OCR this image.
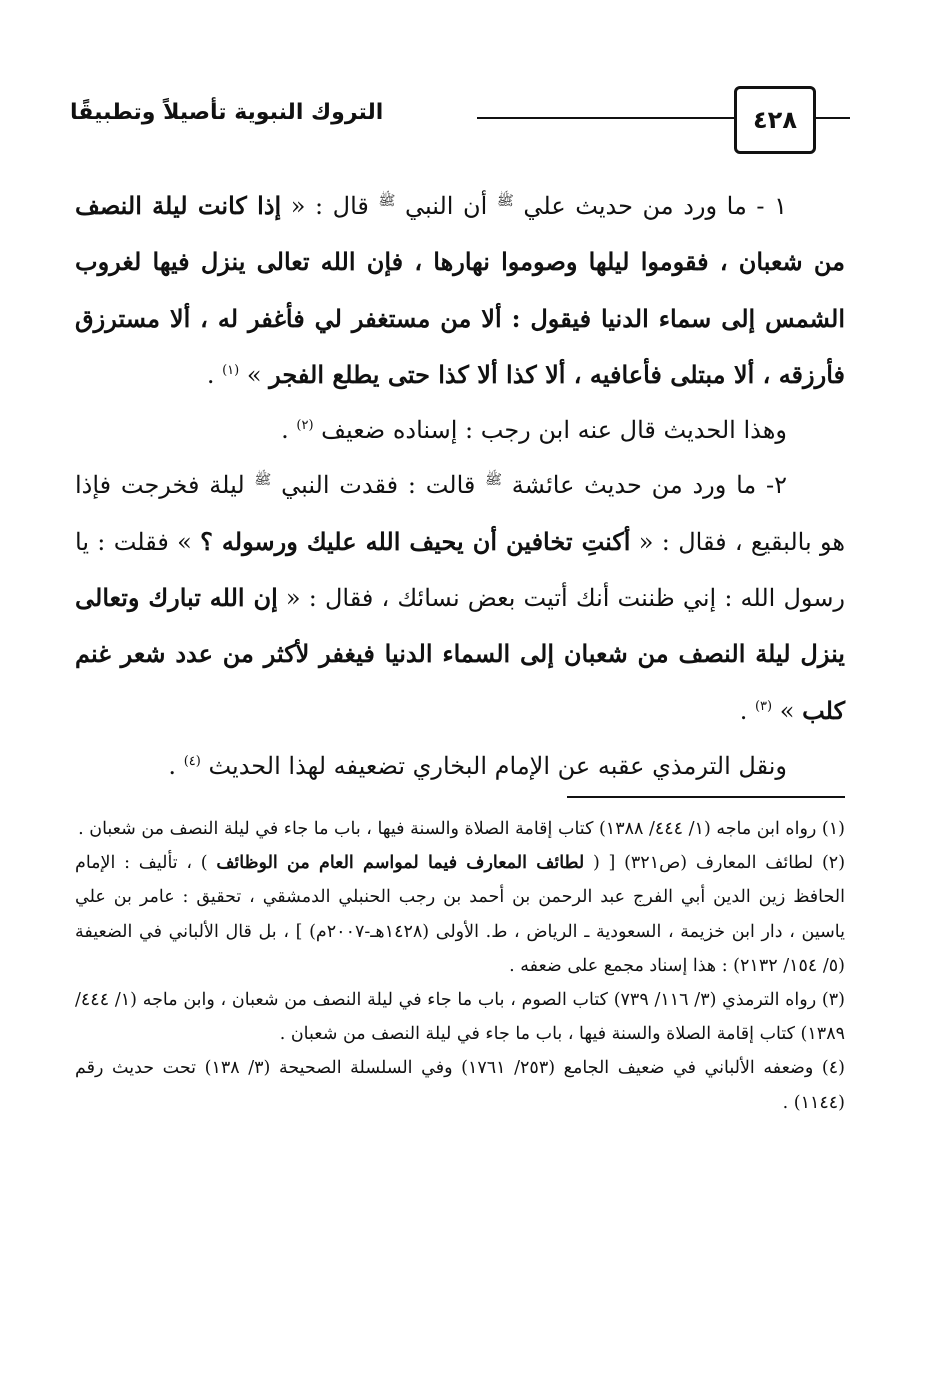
٤٢٨
التروك النبوية تأصيلاً وتطبيقًا

١ - ما ورد من حديث علي $^ﷺ$ أن النبي $^ﷺ$ قال : « إذا كانت ليلة النصف من شعبان ، فقوموا ليلها وصوموا نهارها ، فإن الله تعالى ينزل فيها لغروب الشمس إلى سماء الدنيا فيقول : ألا من مستغفر لي فأغفر له ، ألا مسترزق فأرزقه ، ألا مبتلى فأعافيه ، ألا كذا ألا كذا حتى يطلع الفجر » $^{(١)}$ .

وهذا الحديث قال عنه ابن رجب : إسناده ضعيف $^{(٢)}$ .

٢- ما ورد من حديث عائشة $^ﷺ$ قالت : فقدت النبي $^ﷺ$ ليلة فخرجت فإذا هو بالبقيع ، فقال : « أكنتِ تخافين أن يحيف الله عليك ورسوله ؟ » فقلت : يا رسول الله : إني ظننت أنك أتيت بعض نسائك ، فقال : « إن الله تبارك وتعالى ينزل ليلة النصف من شعبان إلى السماء الدنيا فيغفر لأكثر من عدد شعر غنم كلب » $^{(٣)}$ .

ونقل الترمذي عقبه عن الإمام البخاري تضعيفه لهذا الحديث $^{(٤)}$ .

(١) رواه ابن ماجه (١/ ٤٤٤/ ١٣٨٨) كتاب إقامة الصلاة والسنة فيها ، باب ما جاء في ليلة النصف من شعبان .

(٢) لطائف المعارف (ص٣٢١) [ ( لطائف المعارف فيما لمواسم العام من الوظائف ) ، تأليف : الإمام الحافظ زين الدين أبي الفرج عبد الرحمن بن أحمد بن رجب الحنبلي الدمشقي ، تحقيق : عامر بن علي ياسين ، دار ابن خزيمة ، السعودية ـ الرياض ، ط. الأولى (١٤٢٨هـ-٢٠٠٧م) ] ، بل قال الألباني في الضعيفة (٥/ ١٥٤/ ٢١٣٢) : هذا إسناد مجمع على ضعفه .

(٣) رواه الترمذي (٣/ ١١٦/ ٧٣٩) كتاب الصوم ، باب ما جاء في ليلة النصف من شعبان ، وابن ماجه (١/ ٤٤٤/ ١٣٨٩) كتاب إقامة الصلاة والسنة فيها ، باب ما جاء في ليلة النصف من شعبان .

(٤) وضعفه الألباني في ضعيف الجامع (٢٥٣/ ١٧٦١) وفي السلسلة الصحيحة (٣/ ١٣٨) تحت حديث رقم (١١٤٤) .
